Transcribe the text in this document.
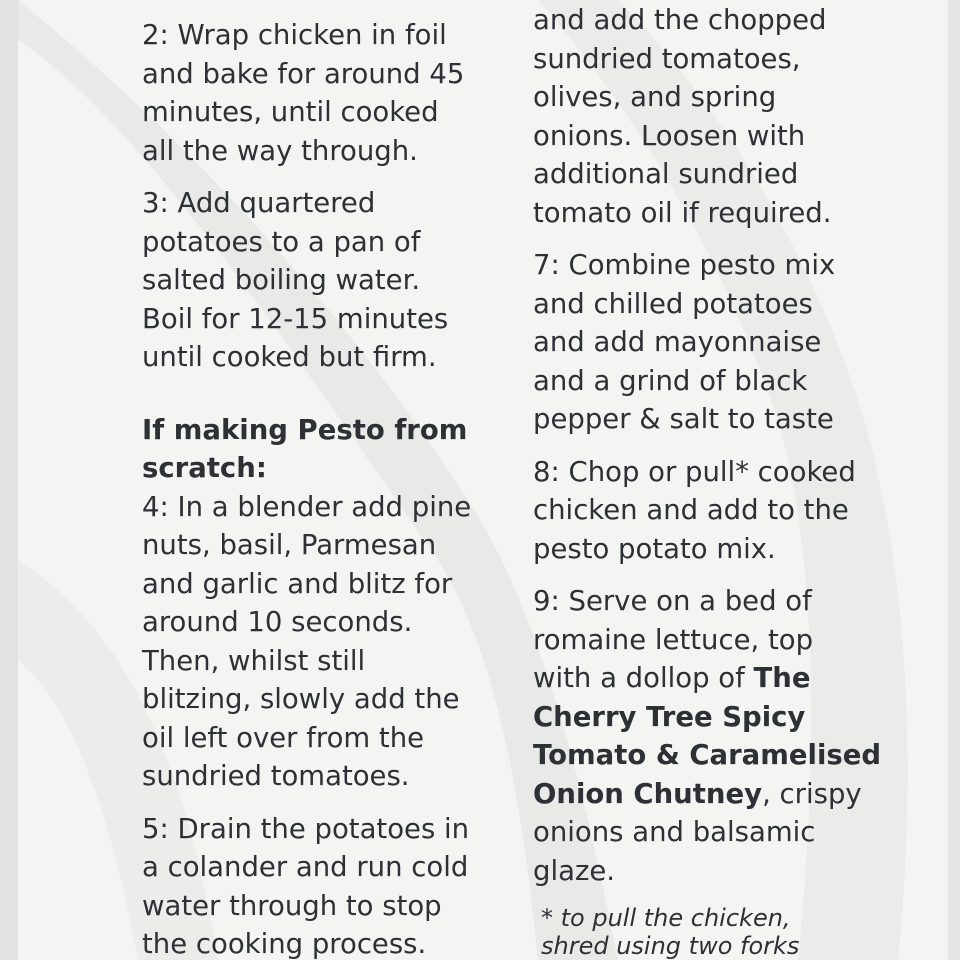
2: Wrap chicken in foil
and bake for around 45
minutes, until cooked
all the way through.
3: Add quartered
potatoes to a pan of
salted boiling water.
Boil for 12-15 minutes
until cooked but firm.
If making Pesto from
scratch:
4: In a blender add pine
nuts, basil, Parmesan
and garlic and blitz for
around 10 seconds.
Then, whilst still
blitzing, slowly add the
oil left over from the
sundried tomatoes.
5: Drain the potatoes in
a colander and run cold
water through to stop
the cooking process.
and add the chopped
sundried tomatoes,
olives, and spring
onions. Loosen with
additional sundried
tomato oil if required.
7: Combine pesto mix
and chilled potatoes
and add mayonnaise
and a grind of black
pepper & salt to taste
8: Chop or pull* cooked
chicken and add to the
pesto potato mix.
9: Serve on a bed of
romaine lettuce, top
with a dollop of The
Cherry Tree Spicy
Tomato & Caramelised
Onion Chutney, crispy
onions and balsamic
glaze.
* to pull the chicken,
shred using two forks
